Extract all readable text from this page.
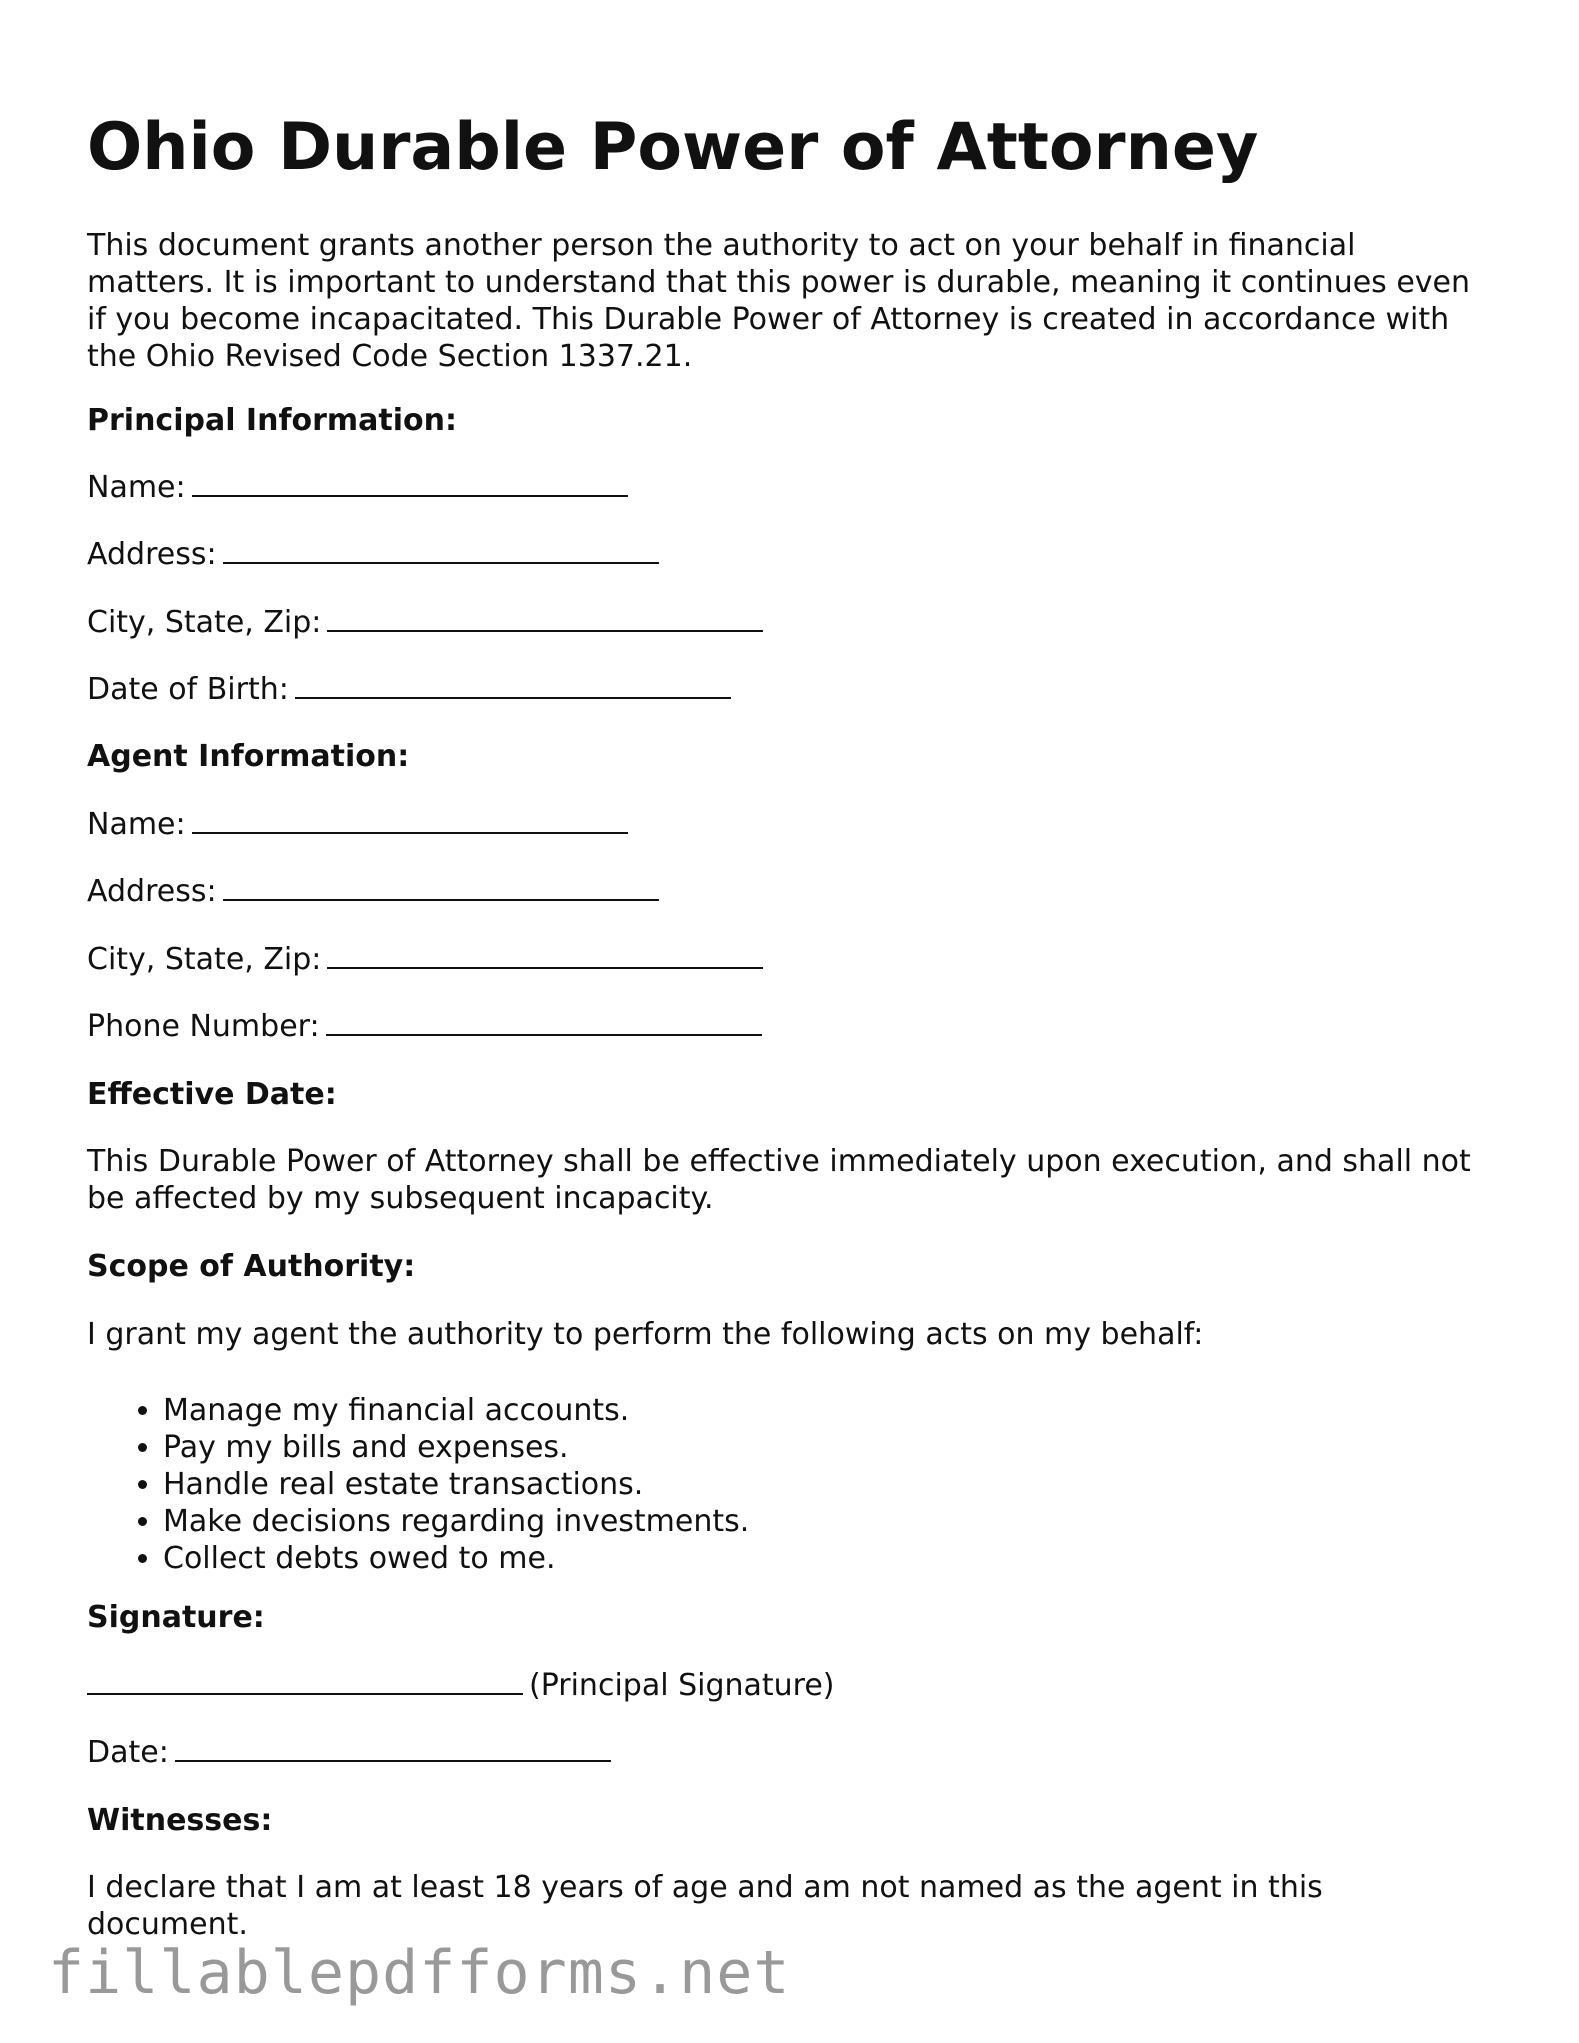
Ohio Durable Power of Attorney

This document grants another person the authority to act on your behalf in financial matters. It is important to understand that this power is durable, meaning it continues even if you become incapacitated. This Durable Power of Attorney is created in accordance with the Ohio Revised Code Section 1337.21.

Principal Information:

Name:

Address:

City, State, Zip:

Date of Birth:

Agent Information:

Name:

Address:

City, State, Zip:

Phone Number:

Effective Date:

This Durable Power of Attorney shall be effective immediately upon execution, and shall not be affected by my subsequent incapacity.

Scope of Authority:

I grant my agent the authority to perform the following acts on my behalf:

• Manage my financial accounts.
• Pay my bills and expenses.
• Handle real estate transactions.
• Make decisions regarding investments.
• Collect debts owed to me.

Signature:

(Principal Signature)

Date:

Witnesses:

I declare that I am at least 18 years of age and am not named as the agent in this document.

fillablepdfforms.net
